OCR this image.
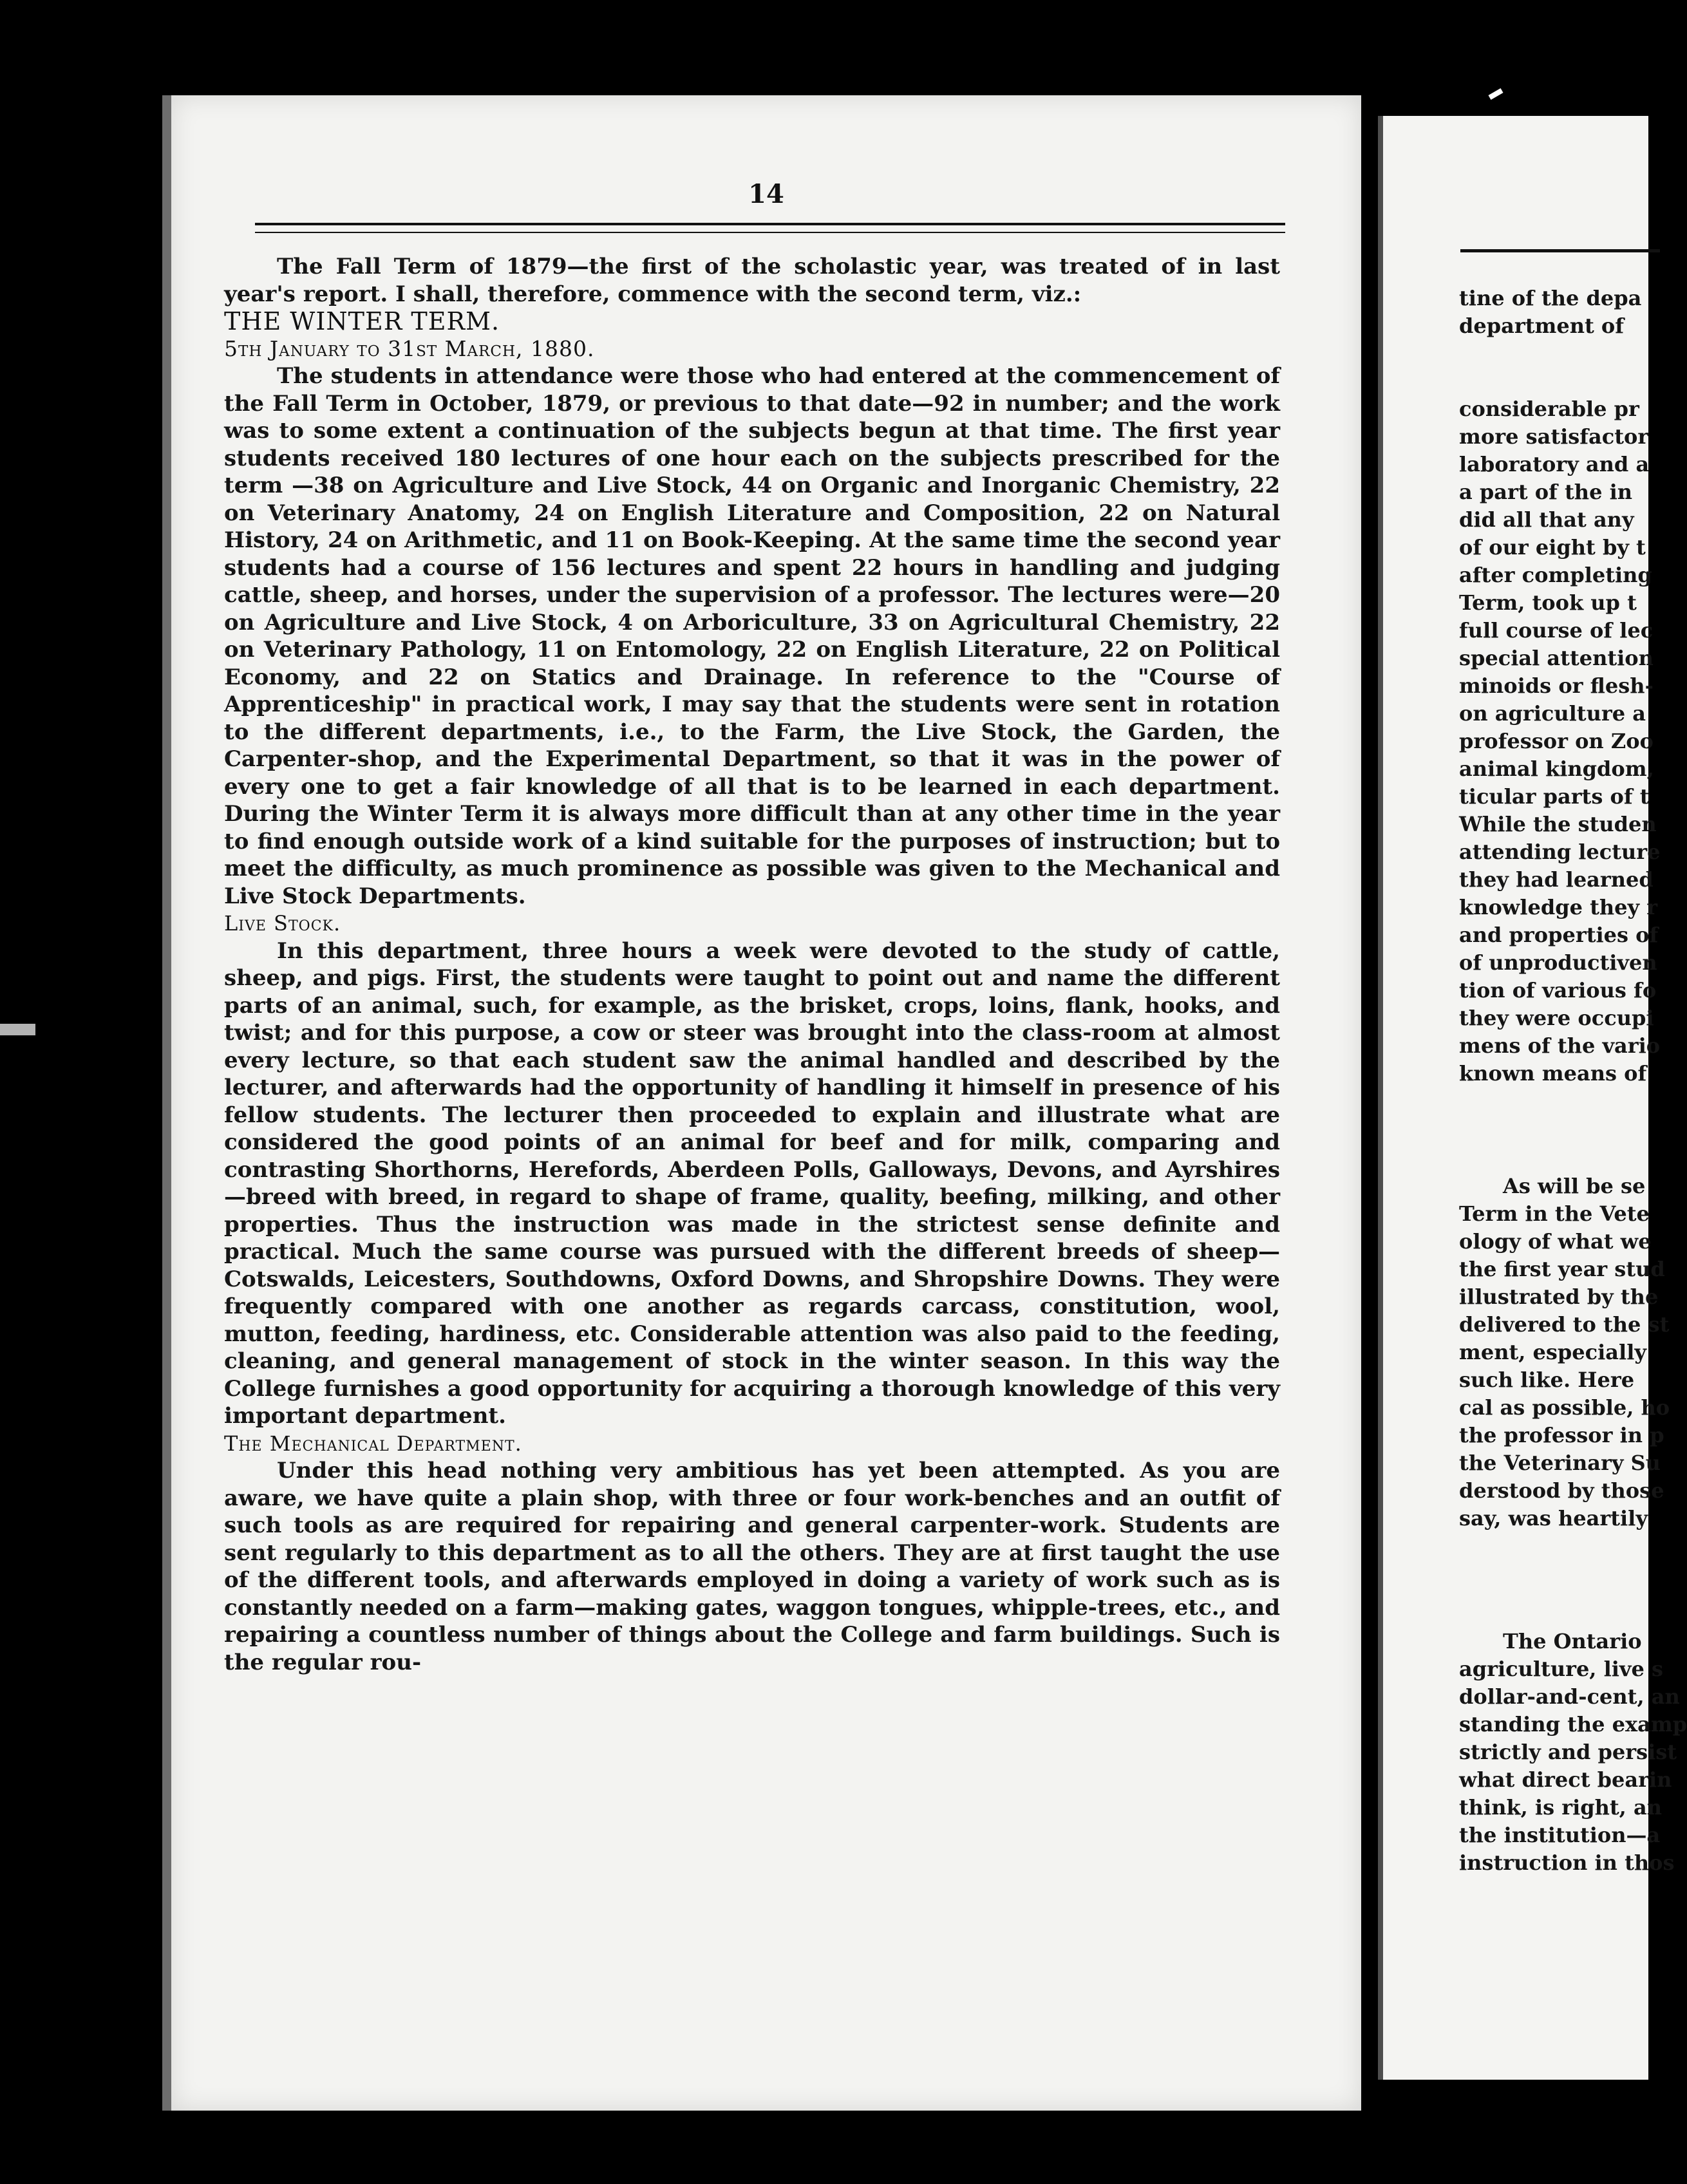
14

The Fall Term of 1879—the first of the scholastic year, was treated of in last year's report. I shall, therefore, commence with the second term, viz.:

THE WINTER TERM.

5th January to 31st March, 1880.

The students in attendance were those who had entered at the commencement of the Fall Term in October, 1879, or previous to that date—92 in number; and the work was to some extent a continuation of the subjects begun at that time. The first year students received 180 lectures of one hour each on the subjects prescribed for the term —38 on Agriculture and Live Stock, 44 on Organic and Inorganic Chemistry, 22 on Veterinary Anatomy, 24 on English Literature and Composition, 22 on Natural History, 24 on Arithmetic, and 11 on Book-Keeping. At the same time the second year students had a course of 156 lectures and spent 22 hours in handling and judging cattle, sheep, and horses, under the supervision of a professor. The lectures were—20 on Agriculture and Live Stock, 4 on Arboriculture, 33 on Agricultural Chemistry, 22 on Veterinary Pathology, 11 on Entomology, 22 on English Literature, 22 on Political Economy, and 22 on Statics and Drainage. In reference to the "Course of Apprenticeship" in practical work, I may say that the students were sent in rotation to the different departments, i.e., to the Farm, the Live Stock, the Garden, the Carpenter-shop, and the Experimental Department, so that it was in the power of every one to get a fair knowledge of all that is to be learned in each department. During the Winter Term it is always more difficult than at any other time in the year to find enough outside work of a kind suitable for the purposes of instruction; but to meet the difficulty, as much prominence as possible was given to the Mechanical and Live Stock Departments.

Live Stock.

In this department, three hours a week were devoted to the study of cattle, sheep, and pigs. First, the students were taught to point out and name the different parts of an animal, such, for example, as the brisket, crops, loins, flank, hooks, and twist; and for this purpose, a cow or steer was brought into the class-room at almost every lecture, so that each student saw the animal handled and described by the lecturer, and afterwards had the opportunity of handling it himself in presence of his fellow students. The lecturer then proceeded to explain and illustrate what are considered the good points of an animal for beef and for milk, comparing and contrasting Shorthorns, Herefords, Aberdeen Polls, Galloways, Devons, and Ayrshires—breed with breed, in regard to shape of frame, quality, beefing, milking, and other properties. Thus the instruction was made in the strictest sense definite and practical. Much the same course was pursued with the different breeds of sheep—Cotswalds, Leicesters, Southdowns, Oxford Downs, and Shropshire Downs. They were frequently compared with one another as regards carcass, constitution, wool, mutton, feeding, hardiness, etc. Considerable attention was also paid to the feeding, cleaning, and general management of stock in the winter season. In this way the College furnishes a good opportunity for acquiring a thorough knowledge of this very important department.

The Mechanical Department.

Under this head nothing very ambitious has yet been attempted. As you are aware, we have quite a plain shop, with three or four work-benches and an outfit of such tools as are required for repairing and general carpenter-work. Students are sent regularly to this department as to all the others. They are at first taught the use of the different tools, and afterwards employed in doing a variety of work such as is constantly needed on a farm—making gates, waggon tongues, whipple-trees, etc., and repairing a countless number of things about the College and farm buildings. Such is the regular rou-

tine of the depa
department of
considerable pr
more satisfactor
laboratory and a
a part of the in
did all that any
of our eight by t
after completing
Term, took up t
full course of lec
special attention
minoids or flesh-
on agriculture a
professor on Zoo
animal kingdom,
ticular parts of t
While the studen
attending lecture
they had learned
knowledge they r
and properties of
of unproductiven
tion of various fo
they were occupi
mens of the vario
known means of
As will be se
Term in the Vete
ology of what we
the first year stud
illustrated by the
delivered to the st
ment, especially
such like. Here
cal as possible, ho
the professor in p
the Veterinary Su
derstood by those
say, was heartily
The Ontario
agriculture, live s
dollar-and-cent, an
standing the examp
strictly and persist
what direct bearin
think, is right, an
the institution—a
instruction in thos
